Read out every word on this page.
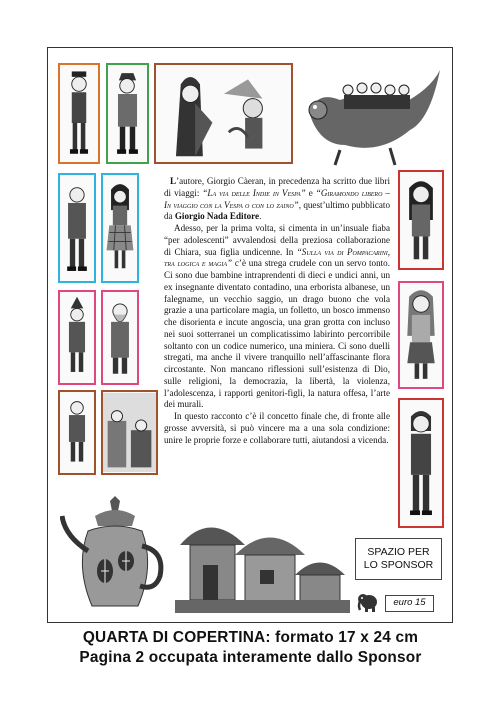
L’autore, Giorgio Càeran, in precedenza ha scritto due libri di viaggi: “La via delle Indie in Vespa” e “Giramondo libero – In viaggio con la Vespa o con lo zaino”, quest’ultimo pubblicato da Giorgio Nada Editore.

Adesso, per la prima volta, si cimenta in un’insuale fiaba “per adolescenti” avvalendosi della preziosa collaborazione di Chiara, sua figlia undicenne. In “Sulla via di Pompacarini, tra logica e magia” c’è una strega crudele con un servo tonto. Ci sono due bambine intraprendenti di dieci e undici anni, un ex insegnante diventato contadino, una erborista albanese, un falegname, un vecchio saggio, un drago buono che vola grazie a una particolare magia, un folletto, un bosco immenso che disorienta e incute angoscia, una gran grotta con incluso nei suoi sotterranei un complicatissimo labirinto percorribile soltanto con un codice numerico, una miniera. Ci sono duelli stregati, ma anche il vivere tranquillo nell’affascinante flora circostante. Non mancano riflessioni sull’esistenza di Dio, sulle religioni, la democrazia, la libertà, la violenza, l’adolescenza, i rapporti genitori-figli, la natura offesa, l’arte dei murali.

In questo racconto c’è il concetto finale che, di fronte alle grosse avversità, si può vincere ma a una sola condizione: unire le proprie forze e collaborare tutti, aiutandosi a vicenda.

SPAZIO PER
LO SPONSOR
euro 15
QUARTA DI COPERTINA: formato 17 x 24 cm
Pagina 2 occupata interamente dallo Sponsor
